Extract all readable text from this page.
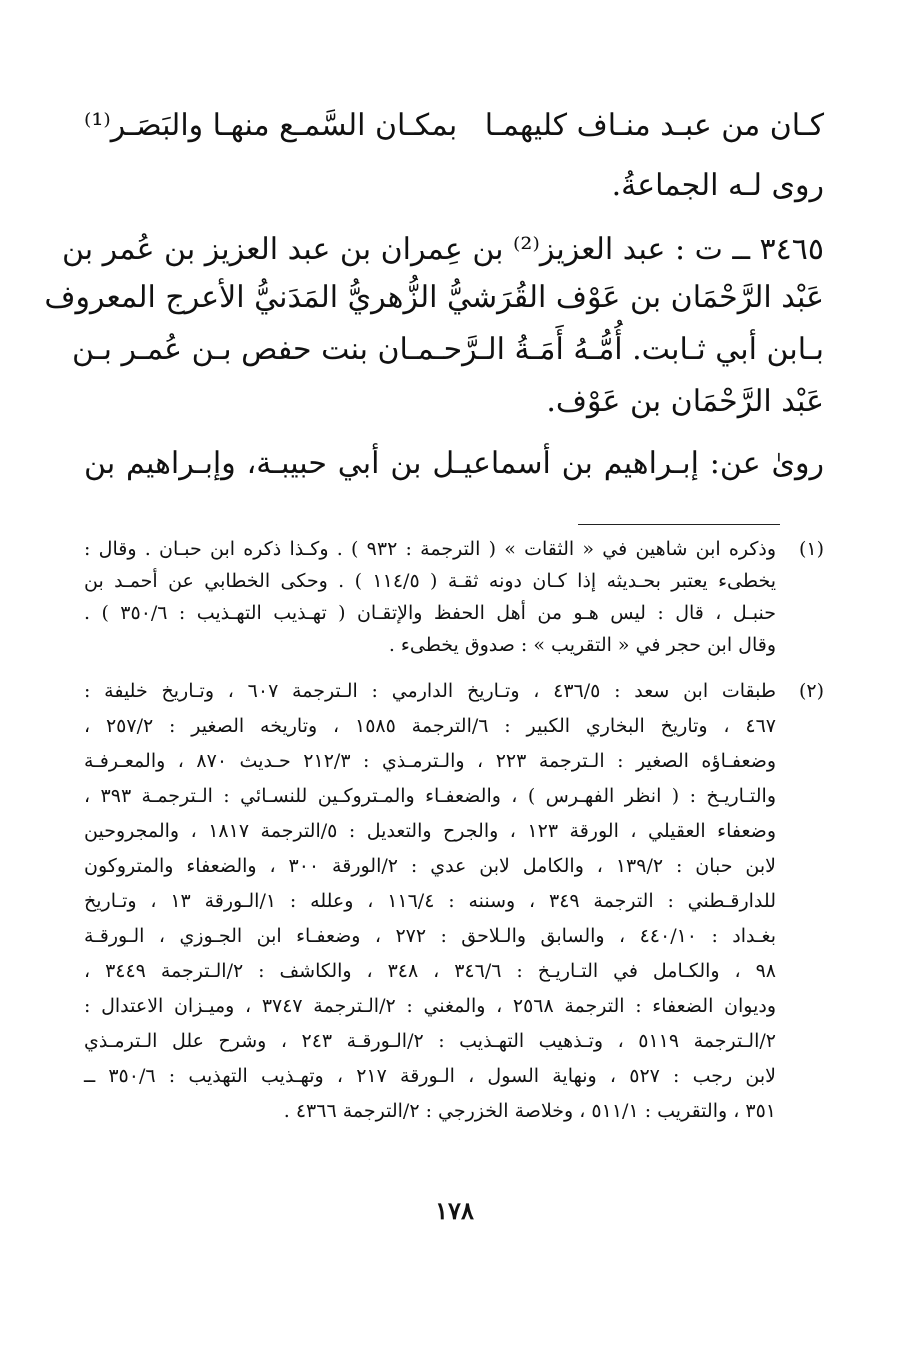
كـان من عبـد منـاف كليهمـا
بمكـان السَّمـع منهـا والبَصَـر⁽¹⁾
روى لـه الجماعةُ.
٣٤٦٥ ــ ت : عبد العزيز⁽²⁾ بن عِمران بن عبد العزيز بن عُمر بن
عَبْد الرَّحْمَان بن عَوْف القُرَشيُّ الزُّهريُّ المَدَنيُّ الأعرج المعروف
بـابن أبي ثـابت. أُمُّـهُ أَمَـةُ الـرَّحـمـان بنت حفص بـن عُمـر بـن
عَبْد الرَّحْمَان بن عَوْف.
روىٰ عن: إبـراهيم بن أسماعيـل بن أبي حبيبـة، وإبـراهيم بن
(١)
وذكره ابن شاهين في « الثقات » ( الترجمة : ٩٣٢ ) . وكـذا ذكره ابن حبـان . وقال :
يخطىء يعتبر بحـديثه إذا كـان دونه ثقـة ( ١١٤/٥ ) . وحكى الخطابي عن أحمـد بن
حنبـل ، قال : ليس هـو من أهل الحفظ والإتقـان ( تهـذيب التهـذيب : ٣٥٠/٦ ) .
وقال ابن حجر في « التقريب » : صدوق يخطىء .
(٢)
طبقات ابن سعد : ٤٣٦/٥ ، وتـاريخ الدارمي : الـترجمة ٦٠٧ ، وتـاريخ خليفة :
٤٦٧ ، وتاريخ البخاري الكبير : ٦/الترجمة ١٥٨٥ ، وتاريخه الصغير : ٢٥٧/٢ ،
وضعفـاؤه الصغير : الـترجمة ٢٢٣ ، والـترمـذي : ٢١٢/٣ حـديث ٨٧٠ ، والمعـرفـة
والتـاريـخ : ( انظر الفهـرس ) ، والضعفـاء والمـتروكـين للنسـائي : الـترجمـة ٣٩٣ ،
وضعفاء العقيلي ، الورقة ١٢٣ ، والجرح والتعديل : ٥/الترجمة ١٨١٧ ، والمجروحين
لابن حبان : ١٣٩/٢ ، والكامل لابن عدي : ٢/الورقة ٣٠٠ ، والضعفاء والمتروكون
للدارقـطني : الترجمة ٣٤٩ ، وسننه : ١١٦/٤ ، وعلله : ١/الـورقة ١٣ ، وتـاريخ
بغـداد : ٤٤٠/١٠ ، والسابق والـلاحق : ٢٧٢ ، وضعفـاء ابن الجـوزي ، الـورقـة
٩٨ ، والكـامل في التـاريـخ : ٣٤٦/٦ ، ٣٤٨ ، والكاشف : ٢/الـترجمة ٣٤٤٩ ،
وديوان الضعفاء : الترجمة ٢٥٦٨ ، والمغني : ٢/الـترجمة ٣٧٤٧ ، وميـزان الاعتدال :
٢/الـترجمة ٥١١٩ ، وتـذهيب التهـذيب : ٢/الـورقـة ٢٤٣ ، وشرح علل الـترمـذي
لابن رجب : ٥٢٧ ، ونهاية السول ، الـورقة ٢١٧ ، وتهـذيب التهذيب : ٣٥٠/٦ ــ
٣٥١ ، والتقريب : ٥١١/١ ، وخلاصة الخزرجي : ٢/الترجمة ٤٣٦٦ .
١٧٨
